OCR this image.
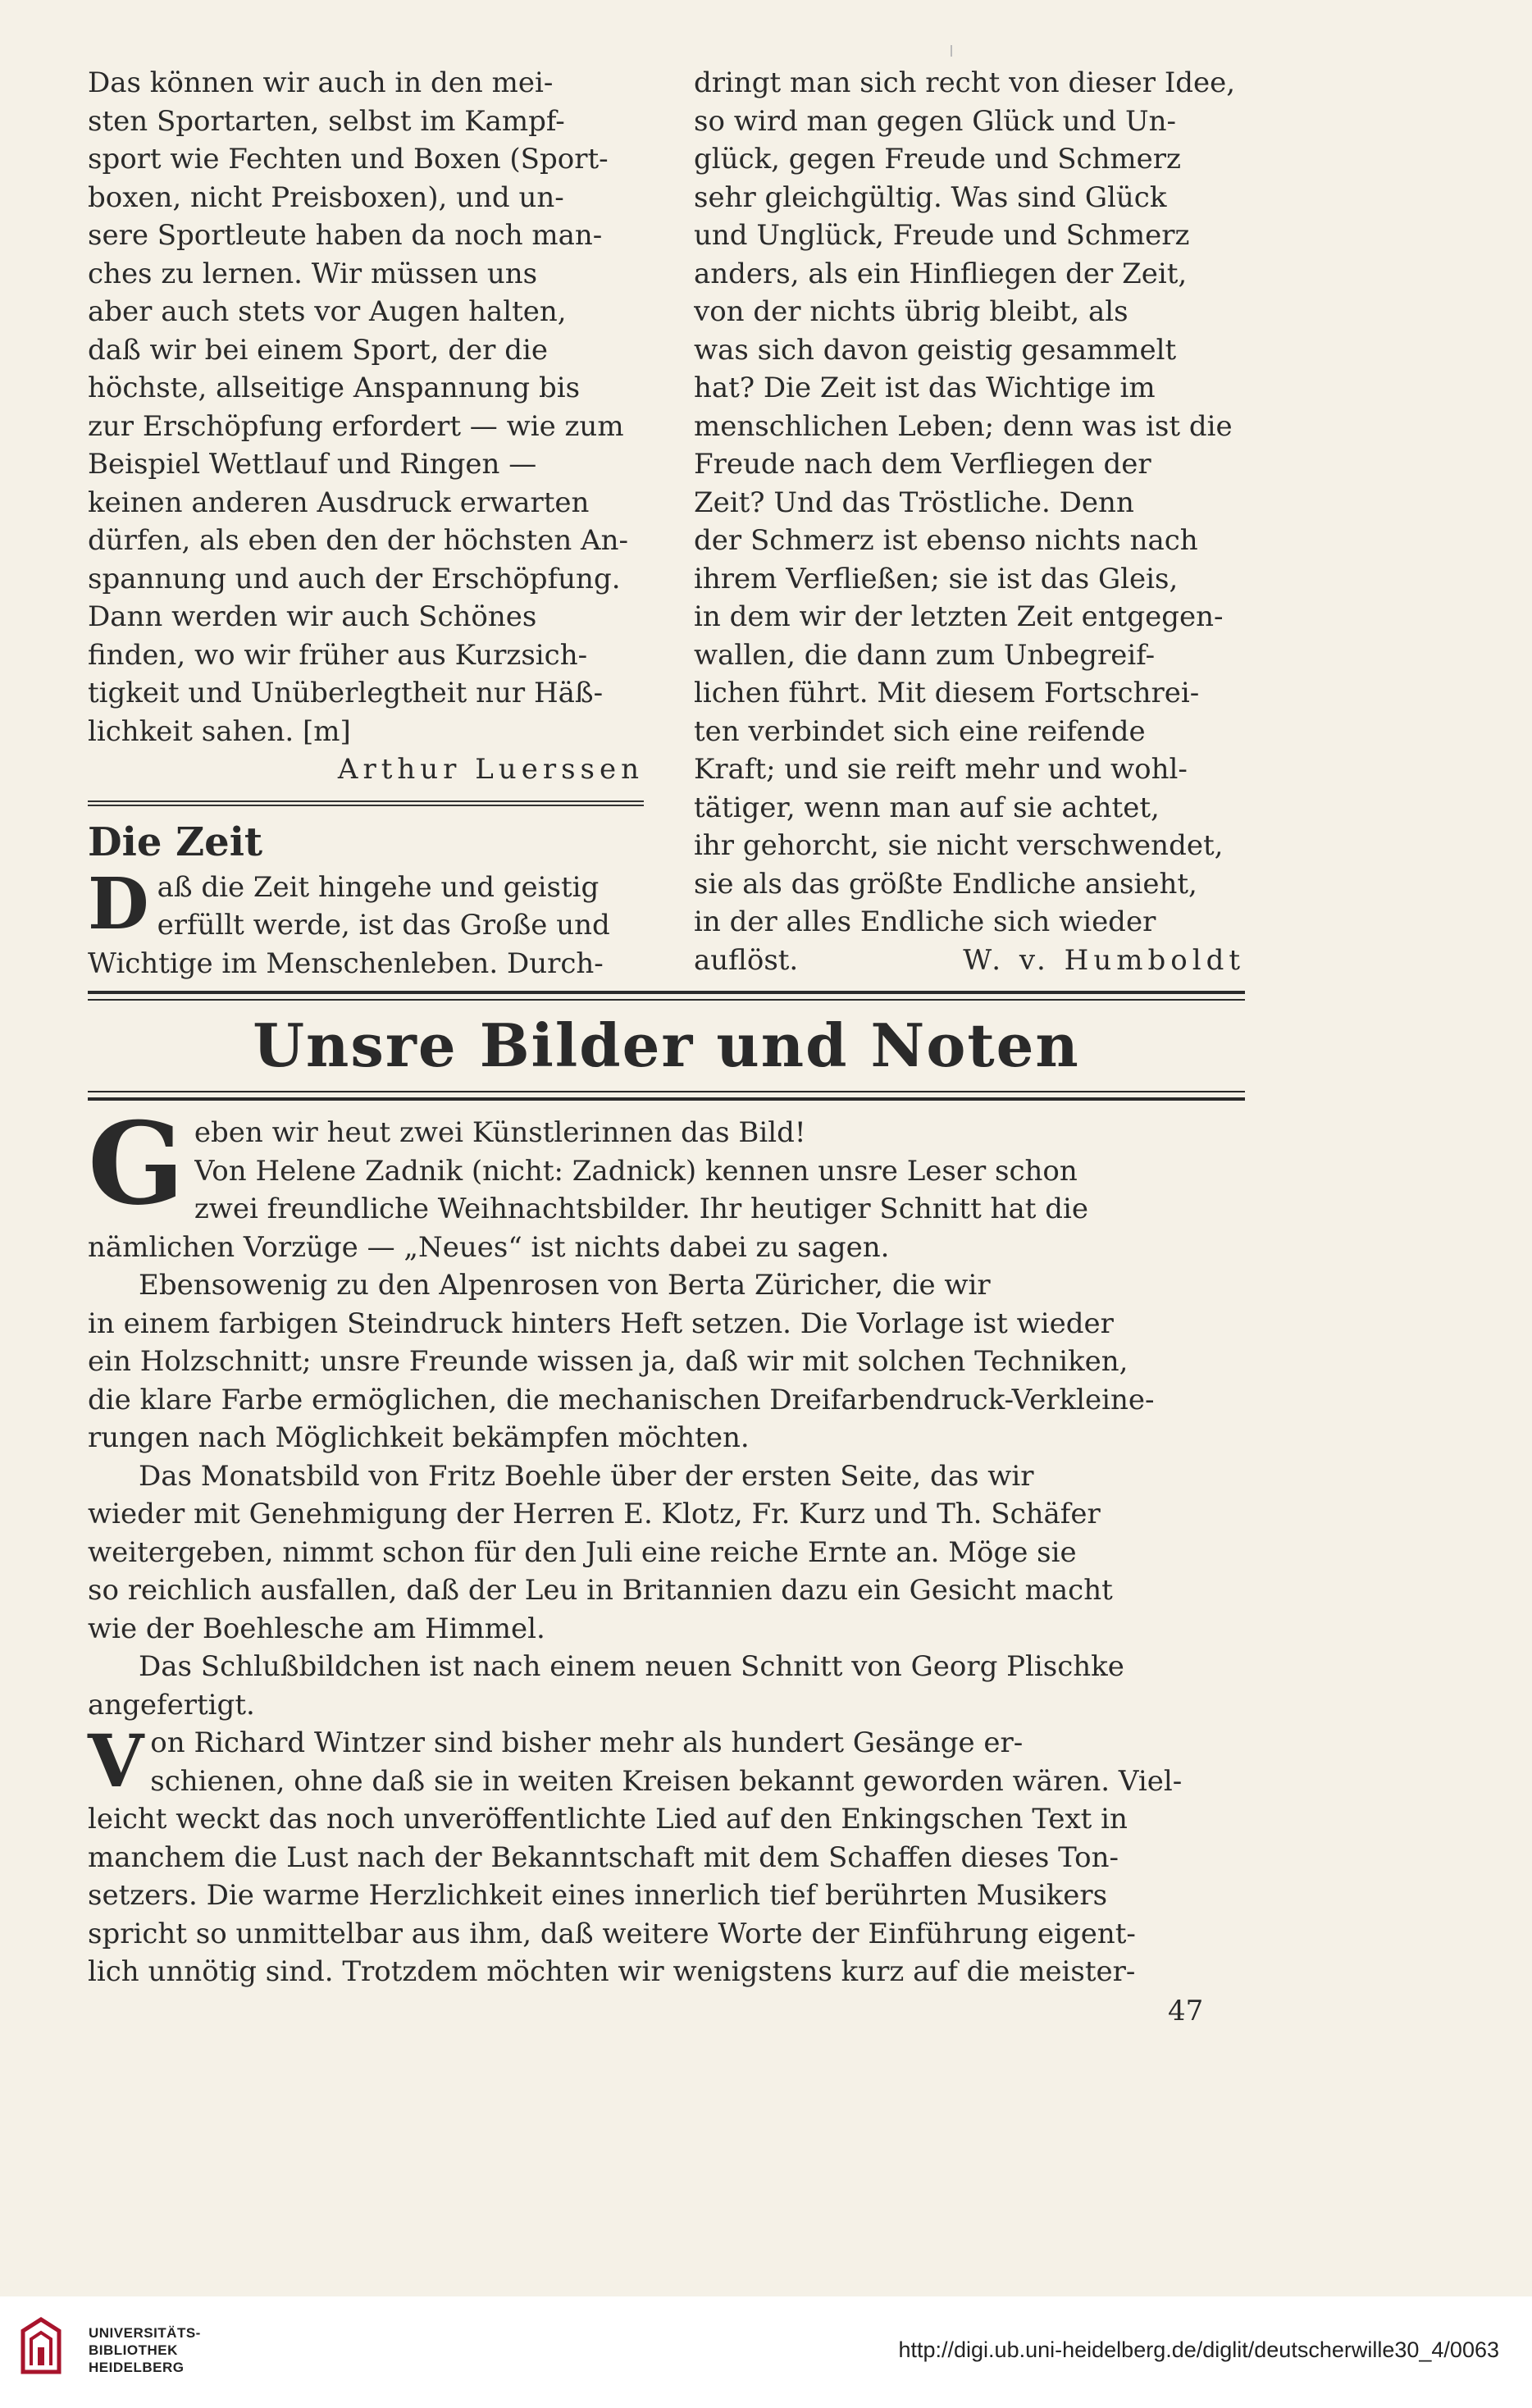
Das können wir auch in den mei-
sten Sportarten, selbst im Kampf-
sport wie Fechten und Boxen (Sport-
boxen, nicht Preisboxen), und un-
sere Sportleute haben da noch man-
ches zu lernen. Wir müssen uns
aber auch stets vor Augen halten,
daß wir bei einem Sport, der die
höchste, allseitige Anspannung bis
zur Erschöpfung erfordert — wie zum
Beispiel Wettlauf und Ringen —
keinen anderen Ausdruck erwarten
dürfen, als eben den der höchsten An-
spannung und auch der Erschöpfung.
Dann werden wir auch Schönes
finden, wo wir früher aus Kurzsich-
tigkeit und Unüberlegtheit nur Häß-
lichkeit sahen. [m]
Arthur Luerssen
Die Zeit
D aß die Zeit hingehe und geistig
erfüllt werde, ist das Große und
Wichtige im Menschenleben. Durch-
dringt man sich recht von dieser Idee,
so wird man gegen Glück und Un-
glück, gegen Freude und Schmerz
sehr gleichgültig. Was sind Glück
und Unglück, Freude und Schmerz
anders, als ein Hinfliegen der Zeit,
von der nichts übrig bleibt, als
was sich davon geistig gesammelt
hat? Die Zeit ist das Wichtige im
menschlichen Leben; denn was ist die
Freude nach dem Verfliegen der
Zeit? Und das Tröstliche. Denn
der Schmerz ist ebenso nichts nach
ihrem Verfließen; sie ist das Gleis,
in dem wir der letzten Zeit entgegen-
wallen, die dann zum Unbegreif-
lichen führt. Mit diesem Fortschrei-
ten verbindet sich eine reifende
Kraft; und sie reift mehr und wohl-
tätiger, wenn man auf sie achtet,
ihr gehorcht, sie nicht verschwendet,
sie als das größte Endliche ansieht,
in der alles Endliche sich wieder
auflöst.	W. v. Humboldt
Unsre Bilder und Noten
G eben wir heut zwei Künstlerinnen das Bild!
Von Helene Zadnik (nicht: Zadnick) kennen unsre Leser schon
zwei freundliche Weihnachtsbilder. Ihr heutiger Schnitt hat die
nämlichen Vorzüge — „Neues“ ist nichts dabei zu sagen.
Ebensowenig zu den Alpenrosen von Berta Züricher, die wir
in einem farbigen Steindruck hinters Heft setzen. Die Vorlage ist wieder
ein Holzschnitt; unsre Freunde wissen ja, daß wir mit solchen Techniken,
die klare Farbe ermöglichen, die mechanischen Dreifarbendruck-Verkleine-
rungen nach Möglichkeit bekämpfen möchten.
Das Monatsbild von Fritz Boehle über der ersten Seite, das wir
wieder mit Genehmigung der Herren E. Klotz, Fr. Kurz und Th. Schäfer
weitergeben, nimmt schon für den Juli eine reiche Ernte an. Möge sie
so reichlich ausfallen, daß der Leu in Britannien dazu ein Gesicht macht
wie der Boehlesche am Himmel.
Das Schlußbildchen ist nach einem neuen Schnitt von Georg Plischke
angefertigt.
V on Richard Wintzer sind bisher mehr als hundert Gesänge er-
schienen, ohne daß sie in weiten Kreisen bekannt geworden wären. Viel-
leicht weckt das noch unveröffentlichte Lied auf den Enkingschen Text in
manchem die Lust nach der Bekanntschaft mit dem Schaffen dieses Ton-
setzers. Die warme Herzlichkeit eines innerlich tief berührten Musikers
spricht so unmittelbar aus ihm, daß weitere Worte der Einführung eigent-
lich unnötig sind. Trotzdem möchten wir wenigstens kurz auf die meister-
47
UNIVERSITÄTS-
BIBLIOTHEK
HEIDELBERG
http://digi.ub.uni-heidelberg.de/diglit/deutscherwille30_4/0063
